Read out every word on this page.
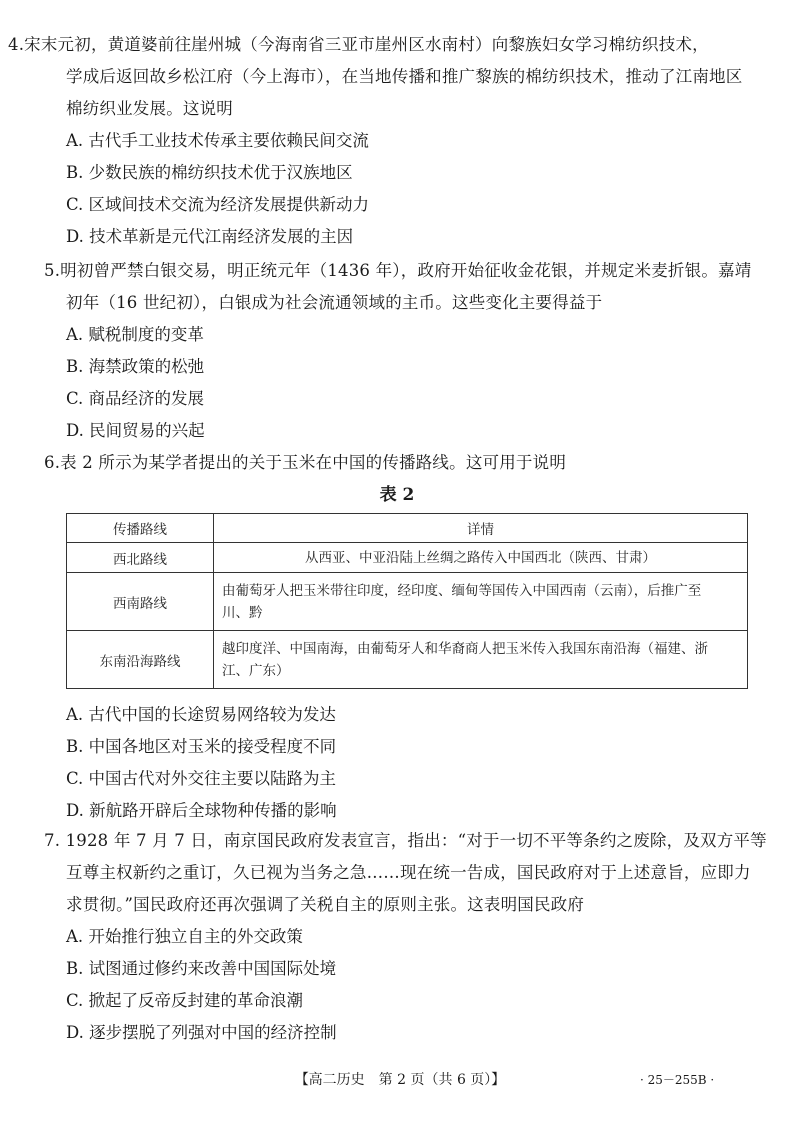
4.宋末元初，黄道婆前往崖州城（今海南省三亚市崖州区水南村）向黎族妇女学习棉纺织技术，
学成后返回故乡松江府（今上海市），在当地传播和推广黎族的棉纺织技术，推动了江南地区
棉纺织业发展。这说明
A. 古代手工业技术传承主要依赖民间交流
B. 少数民族的棉纺织技术优于汉族地区
C. 区域间技术交流为经济发展提供新动力
D. 技术革新是元代江南经济发展的主因
5.明初曾严禁白银交易，明正统元年（1436 年），政府开始征收金花银，并规定米麦折银。嘉靖
初年（16 世纪初），白银成为社会流通领域的主币。这些变化主要得益于
A. 赋税制度的变革
B. 海禁政策的松弛
C. 商品经济的发展
D. 民间贸易的兴起
6.表 2 所示为某学者提出的关于玉米在中国的传播路线。这可用于说明
表 2
传播路线	详情
西北路线	从西亚、中亚沿陆上丝绸之路传入中国西北（陕西、甘肃）
西南路线	由葡萄牙人把玉米带往印度，经印度、缅甸等国传入中国西南（云南），后推广至
川、黔

东南沿海路线	越印度洋、中国南海，由葡萄牙人和华裔商人把玉米传入我国东南沿海（福建、浙
江、广东）
A. 古代中国的长途贸易网络较为发达
B. 中国各地区对玉米的接受程度不同
C. 中国古代对外交往主要以陆路为主
D. 新航路开辟后全球物种传播的影响
7. 1928 年 7 月 7 日，南京国民政府发表宣言，指出：“对于一切不平等条约之废除，及双方平等
互尊主权新约之重订，久已视为当务之急……现在统一告成，国民政府对于上述意旨，应即力
求贯彻。”国民政府还再次强调了关税自主的原则主张。这表明国民政府
A. 开始推行独立自主的外交政策
B. 试图通过修约来改善中国国际处境
C. 掀起了反帝反封建的革命浪潮
D. 逐步摆脱了列强对中国的经济控制
【高二历史　第 2 页（共 6 页）】	· 25－255B ·
